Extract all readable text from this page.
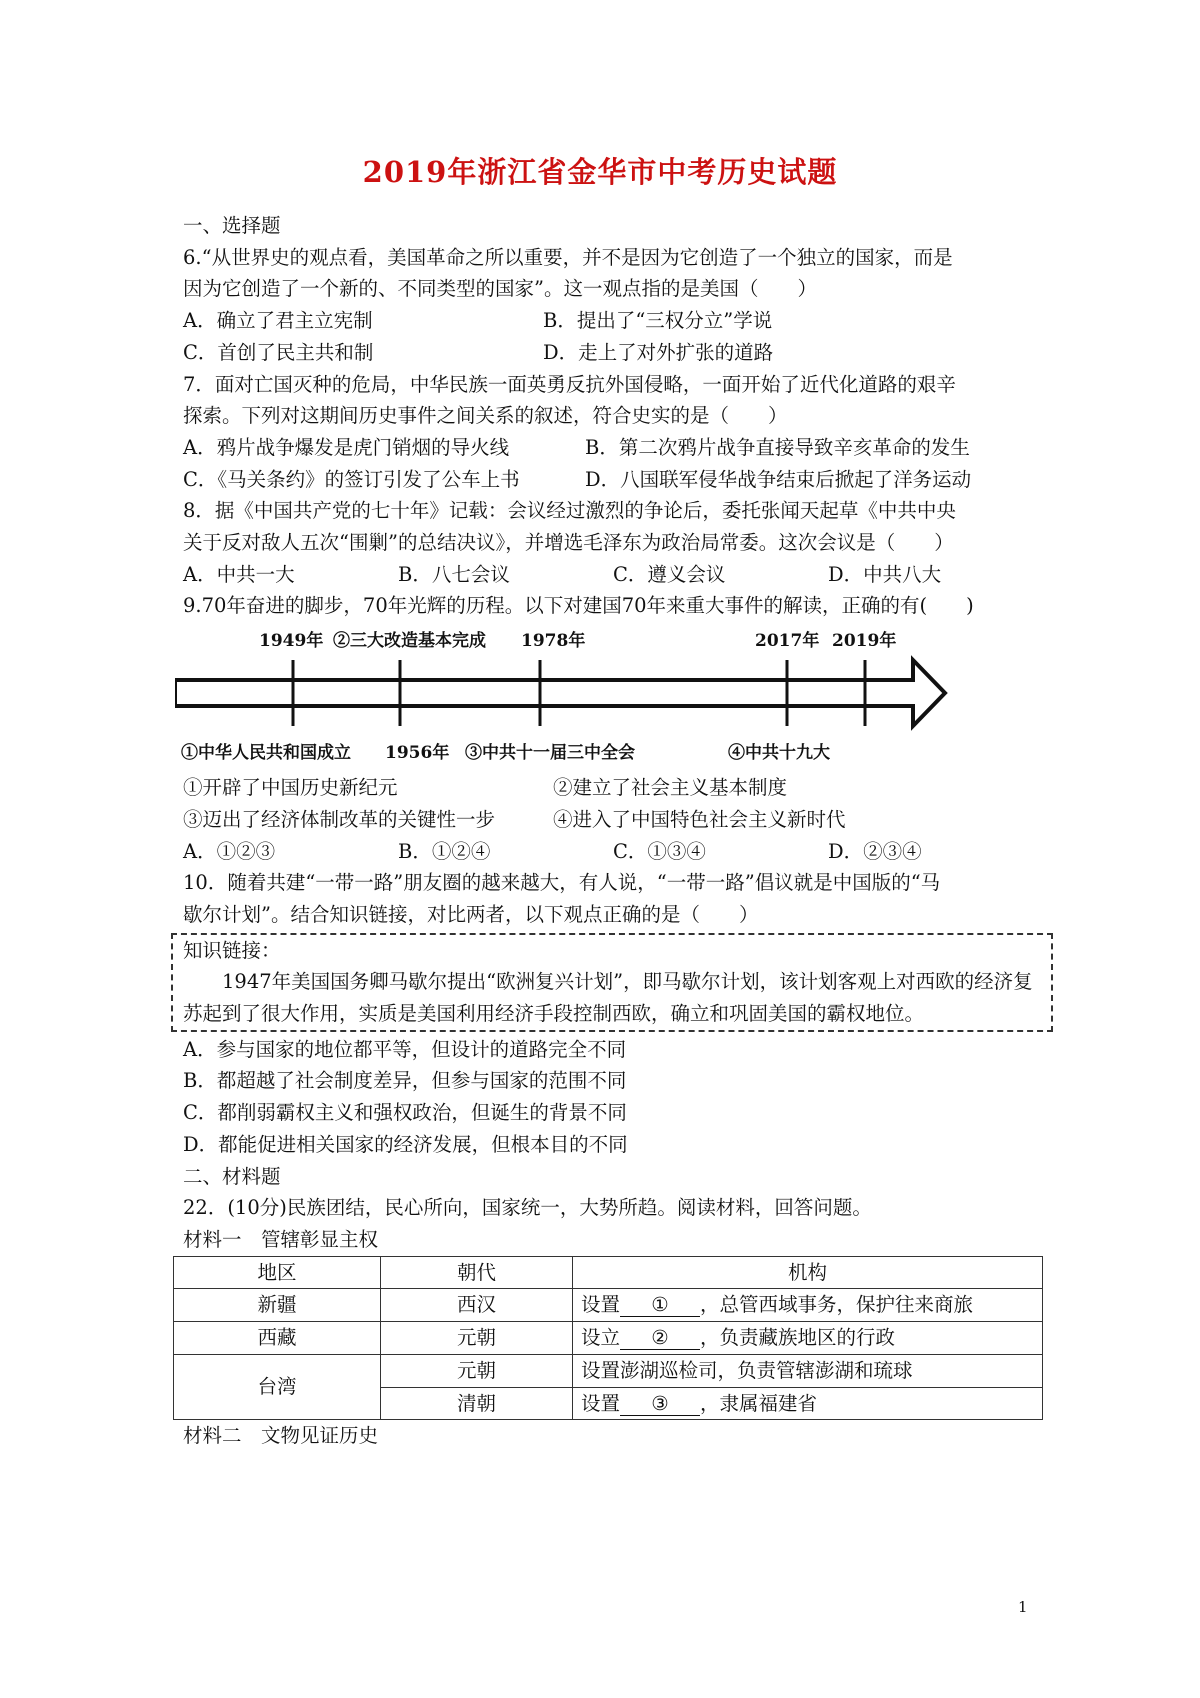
2019年浙江省金华市中考历史试题
一、选择题
6.“从世界史的观点看，美国革命之所以重要，并不是因为它创造了一个独立的国家，而是
因为它创造了一个新的、不同类型的国家”。这一观点指的是美国（　　）
A．确立了君主立宪制	B．提出了“三权分立”学说
C．首创了民主共和制	D．走上了对外扩张的道路
7．面对亡国灭种的危局，中华民族一面英勇反抗外国侵略，一面开始了近代化道路的艰辛
探索。下列对这期间历史事件之间关系的叙述，符合史实的是（　　）
A．鸦片战争爆发是虎门销烟的导火线	B．第二次鸦片战争直接导致辛亥革命的发生
C．《马关条约》的签订引发了公车上书	D．八国联军侵华战争结束后掀起了洋务运动
8．据《中国共产党的七十年》记载：会议经过激烈的争论后，委托张闻天起草《中共中央
关于反对敌人五次“围剿”的总结决议》，并增选毛泽东为政治局常委。这次会议是（　　）
A．中共一大	B．八七会议	C．遵义会议	D．中共八大
9.70年奋进的脚步，70年光辉的历程。以下对建国70年来重大事件的解读，正确的有(　　)
1949年 ②三大改造基本完成 1978年	2017年 2019年
①中华人民共和国成立 1956年 ③中共十一届三中全会	④中共十九大
①开辟了中国历史新纪元	②建立了社会主义基本制度
③迈出了经济体制改革的关键性一步	④进入了中国特色社会主义新时代
A．①②③	B．①②④	C．①③④	D．②③④
10．随着共建“一带一路”朋友圈的越来越大，有人说，“一带一路”倡议就是中国版的“马
歇尔计划”。结合知识链接，对比两者，以下观点正确的是（　　）
知识链接：
1947年美国国务卿马歇尔提出“欧洲复兴计划”，即马歇尔计划，该计划客观上对西欧的经济复苏起到了很大作用，实质是美国利用经济手段控制西欧，确立和巩固美国的霸权地位。
A．参与国家的地位都平等，但设计的道路完全不同
B．都超越了社会制度差异，但参与国家的范围不同
C．都削弱霸权主义和强权政治，但诞生的背景不同
D．都能促进相关国家的经济发展，但根本目的不同
二、材料题
22．(10分)民族团结，民心所向，国家统一，大势所趋。阅读材料，回答问题。
材料一　管辖彰显主权
地区	朝代	机构
新疆	西汉	设置 ① ，总管西域事务，保护往来商旅
西藏	元朝	设立 ② ，负责藏族地区的行政
台湾	元朝	设置澎湖巡检司，负责管辖澎湖和琉球
	清朝	设置 ③ ，隶属福建省
材料二　文物见证历史
1
